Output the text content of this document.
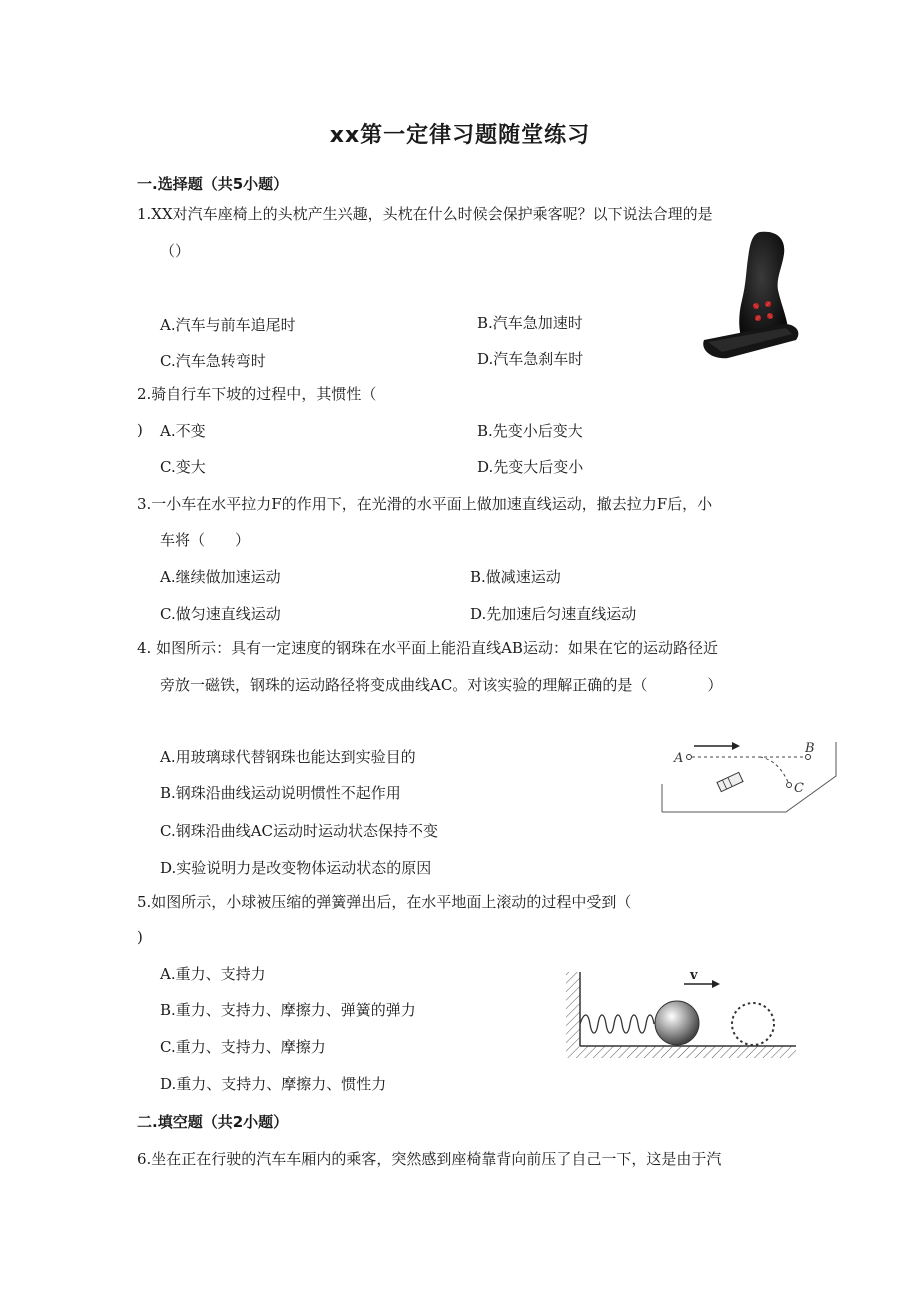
xx第一定律习题随堂练习
一.选择题（共5小题）
1.XX对汽车座椅上的头枕产生兴趣，头枕在什么时候会保护乘客呢？以下说法合理的是
（）
A.汽车与前车追尾时	B.汽车急加速时
C.汽车急转弯时	D.汽车急刹车时
2.骑自行车下坡的过程中，其惯性（
) A.不变	B.先变小后变大
C.变大	D.先变大后变小
3.一小车在水平拉力F的作用下，在光滑的水平面上做加速直线运动，撤去拉力F后，小
车将（　　）
A.继续做加速运动	B.做减速运动
C.做匀速直线运动	D.先加速后匀速直线运动
4. 如图所示：具有一定速度的钢珠在水平面上能沿直线AB运动：如果在它的运动路径近
旁放一磁铁，钢珠的运动路径将变成曲线AC。对该实验的理解正确的是（　　　　）
A.用玻璃球代替钢珠也能达到实验目的
B.钢珠沿曲线运动说明惯性不起作用
C.钢珠沿曲线AC运动时运动状态保持不变
D.实验说明力是改变物体运动状态的原因
A
B
C
5.如图所示，小球被压缩的弹簧弹出后，在水平地面上滚动的过程中受到（
)
A.重力、支持力
B.重力、支持力、摩擦力、弹簧的弹力
C.重力、支持力、摩擦力
D.重力、支持力、摩擦力、惯性力
v
二.填空题（共2小题）
6.坐在正在行驶的汽车车厢内的乘客，突然感到座椅靠背向前压了自己一下，这是由于汽
